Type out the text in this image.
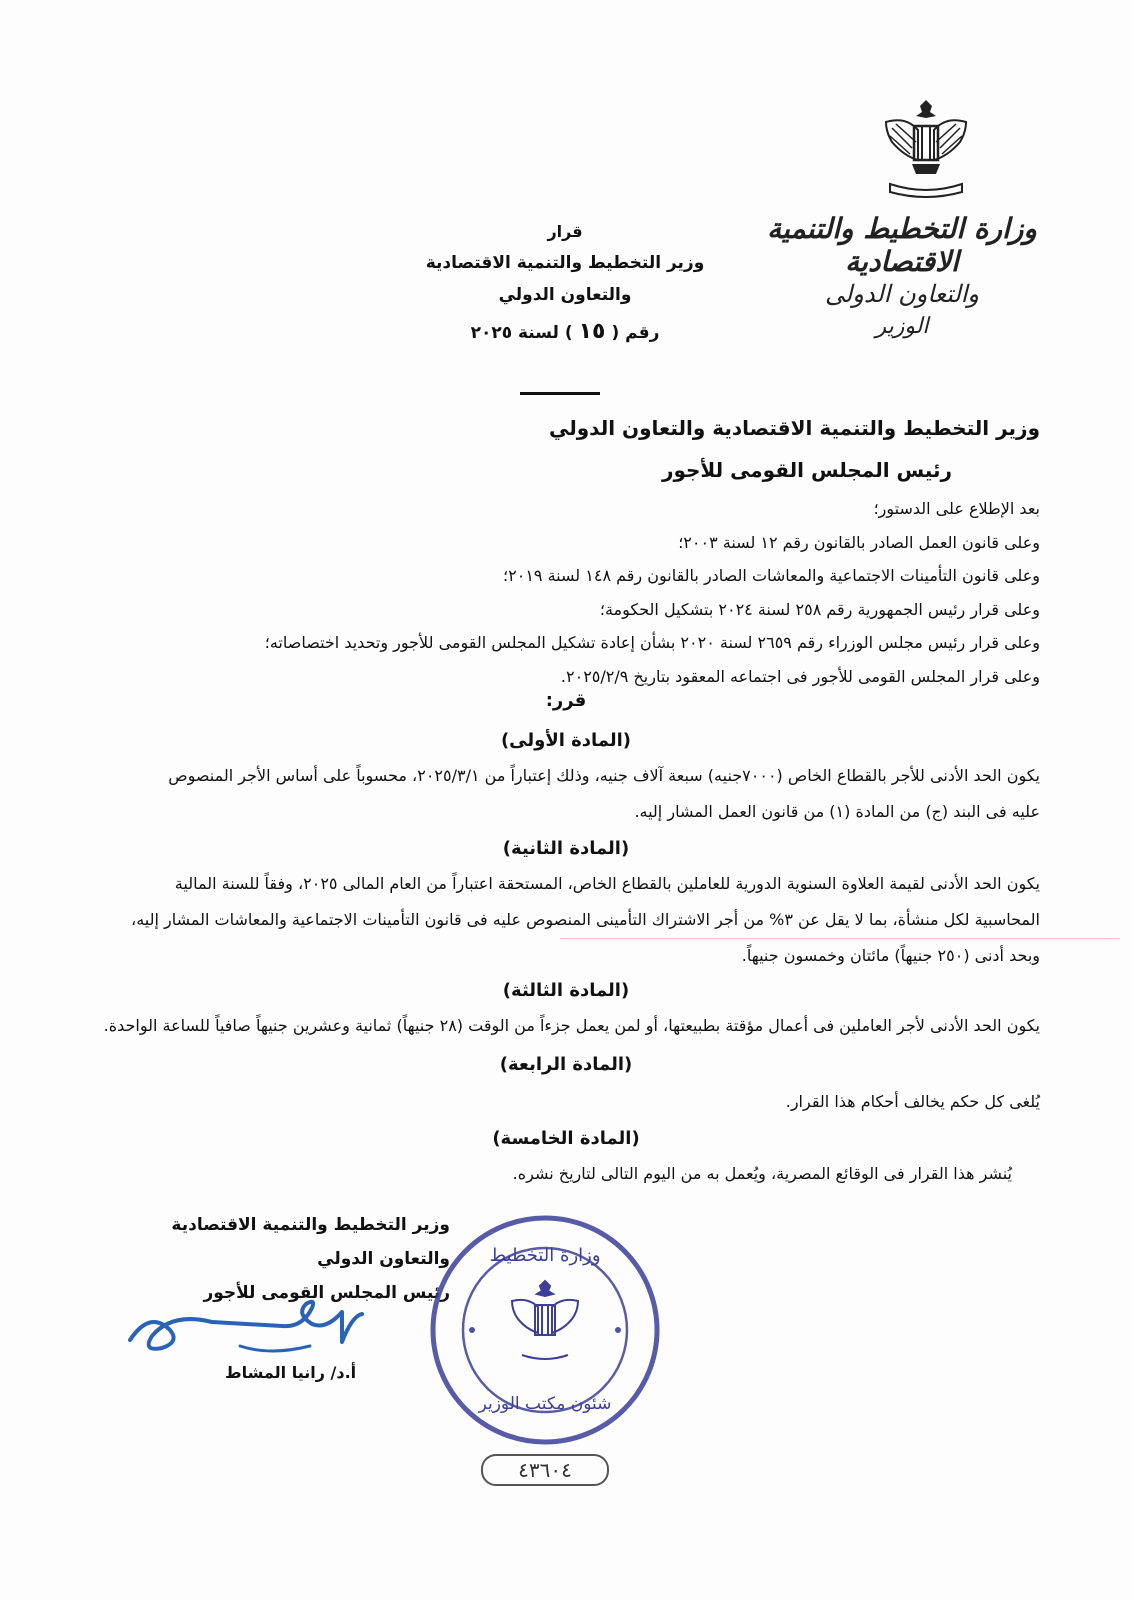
وزارة التخطيط والتنمية الاقتصادية
والتعاون الدولى
الوزير
قرار
وزير التخطيط والتنمية الاقتصادية
والتعاون الدولي
رقم (١٥) لسنة ٢٠٢٥
وزير التخطيط والتنمية الاقتصادية والتعاون الدولي
رئيس المجلس القومى للأجور
بعد الإطلاع على الدستور؛
وعلى قانون العمل الصادر بالقانون رقم ١٢ لسنة ٢٠٠٣؛
وعلى قانون التأمينات الاجتماعية والمعاشات الصادر بالقانون رقم ١٤٨ لسنة ٢٠١٩؛
وعلى قرار رئيس الجمهورية رقم ٢٥٨ لسنة ٢٠٢٤ بتشكيل الحكومة؛
وعلى قرار رئيس مجلس الوزراء رقم ٢٦٥٩ لسنة ٢٠٢٠ بشأن إعادة تشكيل المجلس القومى للأجور وتحديد اختصاصاته؛
وعلى قرار المجلس القومى للأجور فى اجتماعه المعقود بتاريخ ٢٠٢٥/٢/٩.
قرر:
(المادة الأولى)
يكون الحد الأدنى للأجر بالقطاع الخاص (٧٠٠٠جنيه) سبعة آلاف جنيه، وذلك إعتباراً من ٢٠٢٥/٣/١، محسوباً على أساس الأجر المنصوص
عليه فى البند (ج) من المادة (١) من قانون العمل المشار إليه.
(المادة الثانية)
يكون الحد الأدنى لقيمة العلاوة السنوية الدورية للعاملين بالقطاع الخاص، المستحقة اعتباراً من العام المالى ٢٠٢٥، وفقاً للسنة المالية
المحاسبية لكل منشأة، بما لا يقل عن ٣% من أجر الاشتراك التأمينى المنصوص عليه فى قانون التأمينات الاجتماعية والمعاشات المشار إليه،
وبحد أدنى (٢٥٠ جنيهاً) مائتان وخمسون جنيهاً.
(المادة الثالثة)
يكون الحد الأدنى لأجر العاملين فى أعمال مؤقتة بطبيعتها، أو لمن يعمل جزءاً من الوقت (٢٨ جنيهاً) ثمانية وعشرين جنيهاً صافياً للساعة الواحدة.
(المادة الرابعة)
يُلغى كل حكم يخالف أحكام هذا القرار.
(المادة الخامسة)
يُنشر هذا القرار فى الوقائع المصرية، ويُعمل به من اليوم التالى لتاريخ نشره.
وزير التخطيط والتنمية الاقتصادية
والتعاون الدولي
رئيس المجلس القومى للأجور
أ.د/ رانيا المشاط
وزارة التخطيط
شئون مكتب الوزير
٤٣٦٠٤
